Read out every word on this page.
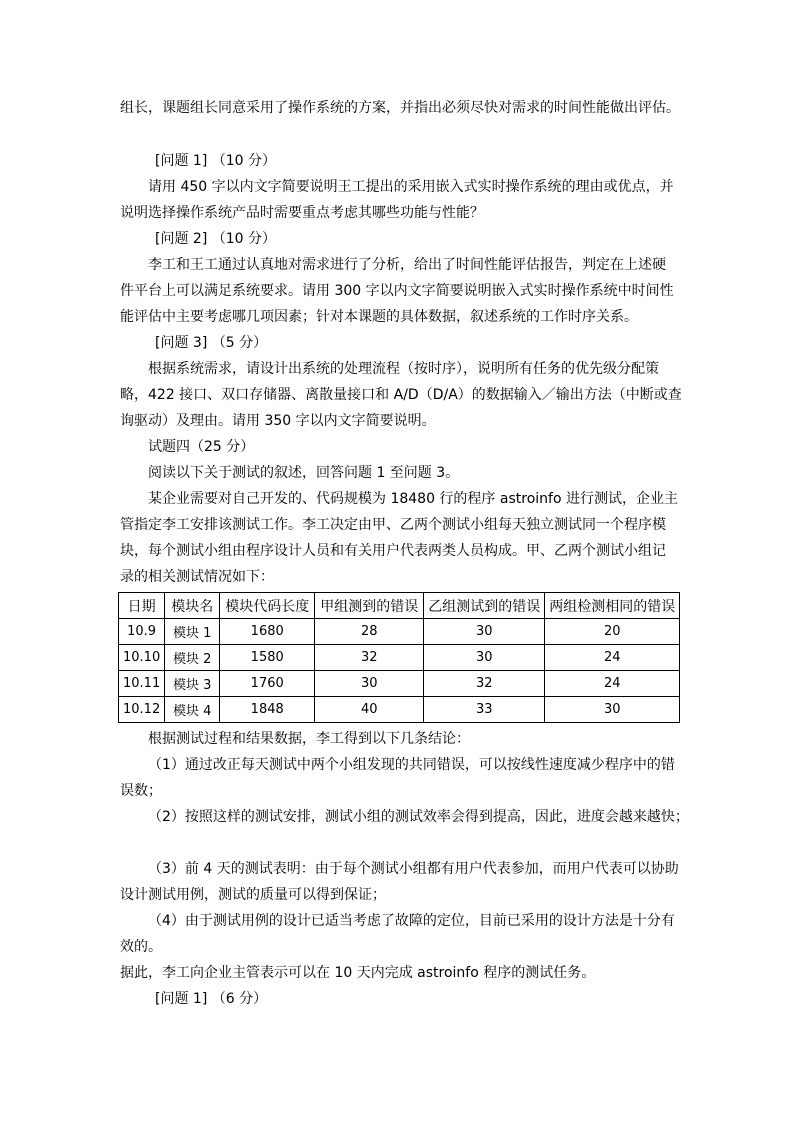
组长，课题组长同意采用了操作系统的方案，并指出必须尽快对需求的时间性能做出评估。
[问题 1] （10 分）
请用 450 字以内文字简要说明王工提出的采用嵌入式实时操作系统的理由或优点，并
说明选择操作系统产品时需要重点考虑其哪些功能与性能？
[问题 2] （10 分）
李工和王工通过认真地对需求进行了分析，给出了时间性能评估报告，判定在上述硬
件平台上可以满足系统要求。请用 300 字以内文字简要说明嵌入式实时操作系统中时间性
能评估中主要考虑哪几项因素；针对本课题的具体数据，叙述系统的工作时序关系。
[问题 3] （5 分）
根据系统需求，请设计出系统的处理流程（按时序），说明所有任务的优先级分配策
略，422 接口、双口存储器、离散量接口和 A/D（D/A）的数据输入／输出方法（中断或查
询驱动）及理由。请用 350 字以内文字简要说明。
试题四（25 分）
阅读以下关于测试的叙述，回答问题 1 至问题 3。
某企业需要对自己开发的、代码规模为 18480 行的程序 astroinfo 进行测试，企业主
管指定李工安排该测试工作。李工决定由甲、乙两个测试小组每天独立测试同一个程序模
块，每个测试小组由程序设计人员和有关用户代表两类人员构成。甲、乙两个测试小组记
录的相关测试情况如下：
日期	模块名	模块代码长度	甲组测到的错误	乙组测试到的错误	两组检测相同的错误
10.9	模块 1	1680	28	30	20
10.10	模块 2	1580	32	30	24
10.11	模块 3	1760	30	32	24
10.12	模块 4	1848	40	33	30
根据测试过程和结果数据，李工得到以下几条结论：
（1）通过改正每天测试中两个小组发现的共同错误，可以按线性速度减少程序中的错
误数；
（2）按照这样的测试安排，测试小组的测试效率会得到提高，因此，进度会越来越快；
（3）前 4 天的测试表明：由于每个测试小组都有用户代表参加，而用户代表可以协助
设计测试用例，测试的质量可以得到保证；
（4）由于测试用例的设计已适当考虑了故障的定位，目前已采用的设计方法是十分有
效的。
据此，李工向企业主管表示可以在 10 天内完成 astroinfo 程序的测试任务。
[问题 1] （6 分）
